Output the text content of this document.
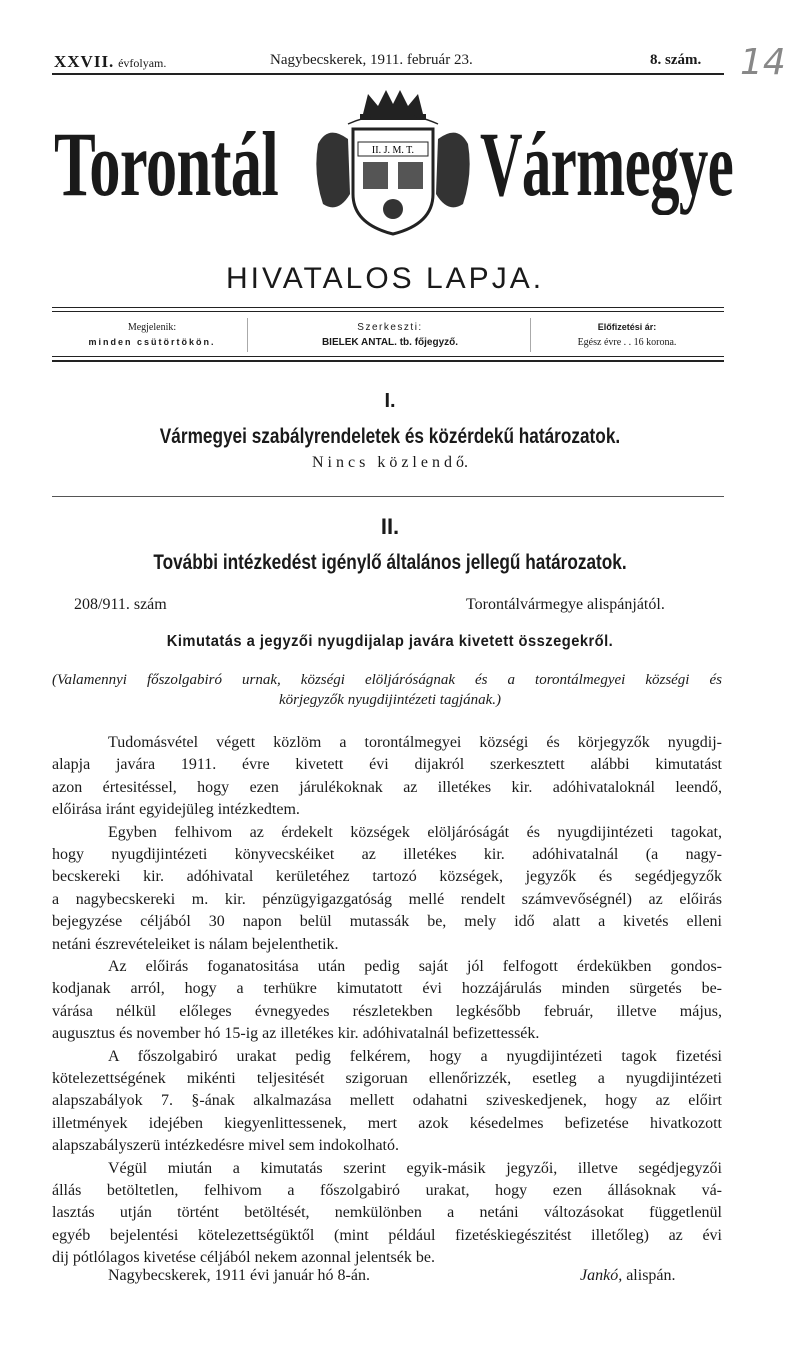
XXVII. évfolyam.	Nagybecskerek, 1911. február 23.	8. szám. 14
Torontál Vármegye
II. J. M. T.
HIVATALOS LAPJA.
Megjelenik:
minden csütörtökön.
Szerkeszti:
BIELEK ANTAL. tb. főjegyző.
Előfizetési ár:
Egész évre . . 16 korona.
I.
Vármegyei szabályrendeletek és közérdekű határozatok.
N i n c s   k ö z l e n d ő.
II.
További intézkedést igénylő általános jellegű határozatok.
208/911. szám	Torontálvármegye alispánjától.
Kimutatás a jegyzői nyugdijalap javára kivetett összegekről.
(Valamennyi főszolgabiró urnak, községi elöljáróságnak és a torontálmegyei községi és
körjegyzők nyugdijintézeti tagjának.)
Tudomásvétel végett közlöm a torontálmegyei községi és körjegyzők nyugdij-
alapja javára 1911. évre kivetett évi dijakról szerkesztett alábbi kimutatást
azon értesitéssel, hogy ezen járulékoknak az illetékes kir. adóhivataloknál leendő,
előirása iránt egyidejüleg intézkedtem.
Egyben felhivom az érdekelt községek elöljáróságát és nyugdijintézeti tagokat,
hogy nyugdijintézeti könyvecskéiket az illetékes kir. adóhivatalnál (a nagy-
becskereki kir. adóhivatal kerületéhez tartozó községek, jegyzők és segédjegyzők
a nagybecskereki m. kir. pénzügyigazgatóság mellé rendelt számvevőségnél) az előirás
bejegyzése céljából 30 napon belül mutassák be, mely idő alatt a kivetés elleni
netáni észrevételeiket is nálam bejelenthetik.
Az előirás foganatositása után pedig saját jól felfogott érdekükben gondos-
kodjanak arról, hogy a terhükre kimutatott évi hozzájárulás minden sürgetés be-
várása nélkül előleges évnegyedes részletekben legkésőbb február, illetve május,
augusztus és november hó 15-ig az illetékes kir. adóhivatalnál befizettessék.
A főszolgabiró urakat pedig felkérem, hogy a nyugdijintézeti tagok fizetési
kötelezettségének mikénti teljesitését szigoruan ellenőrizzék, esetleg a nyugdijintézeti
alapszabályok 7. §-ának alkalmazása mellett odahatni sziveskedjenek, hogy az előirt
illetmények idejében kiegyenlittessenek, mert azok késedelmes befizetése hivatkozott
alapszabályszerü intézkedésre mivel sem indokolható.
Végül miután a kimutatás szerint egyik-másik jegyzői, illetve segédjegyzői
állás betöltetlen, felhivom a főszolgabiró urakat, hogy ezen állásoknak vá-
lasztás utján történt betöltését, nemkülönben a netáni változásokat függetlenül
egyéb bejelentési kötelezettségüktől (mint például fizetéskiegészitést illetőleg) az évi
dij pótlólagos kivetése céljából nekem azonnal jelentsék be.
Nagybecskerek, 1911 évi január hó 8-án.	Jankó, alispán.
